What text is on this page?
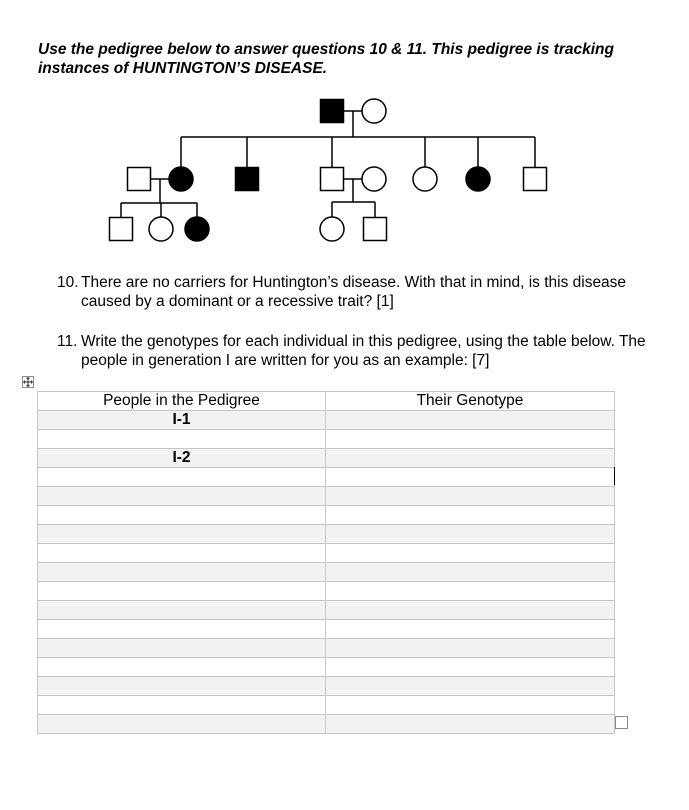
Use the pedigree below to answer questions 10 & 11. This pedigree is tracking instances of HUNTINGTON’S DISEASE.
10. There are no carriers for Huntington’s disease. With that in mind, is this disease caused by a dominant or a recessive trait? [1]
11. Write the genotypes for each individual in this pedigree, using the table below. The people in generation I are written for you as an example: [7]
People in the Pedigree	Their Genotype
I-1	

I-2	
